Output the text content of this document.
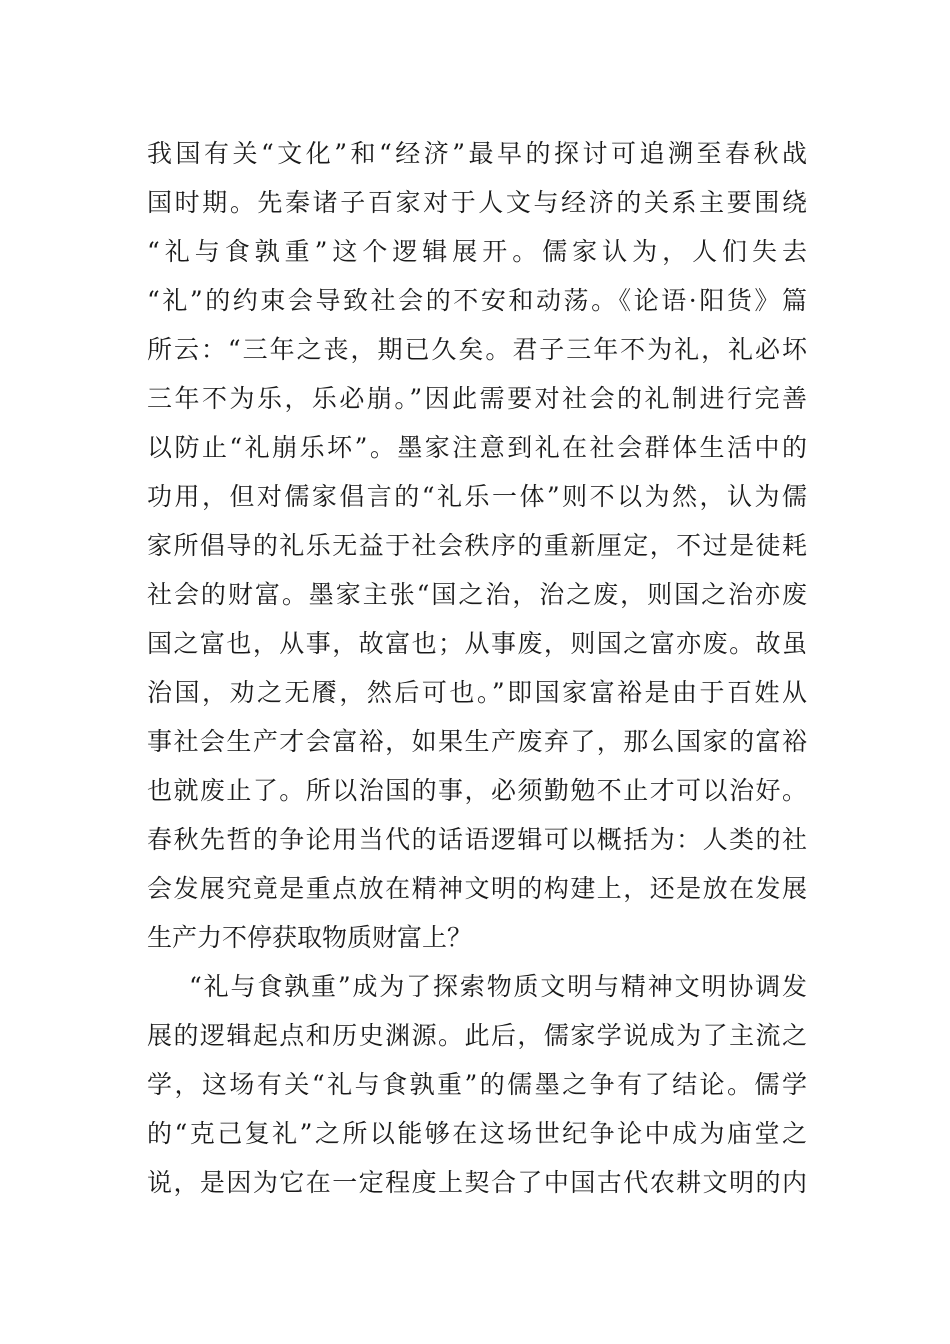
我国有关“文化”和“经济”最早的探讨可追溯至春秋战
国时期。先秦诸子百家对于人文与经济的关系主要围绕
“礼与食孰重”这个逻辑展开。儒家认为，人们失去
“礼”的约束会导致社会的不安和动荡。《论语·阳货》篇
所云：“三年之丧，期已久矣。君子三年不为礼，礼必坏
三年不为乐，乐必崩。”因此需要对社会的礼制进行完善
以防止“礼崩乐坏”。墨家注意到礼在社会群体生活中的
功用，但对儒家倡言的“礼乐一体”则不以为然，认为儒
家所倡导的礼乐无益于社会秩序的重新厘定，不过是徒耗
社会的财富。墨家主张“国之治，治之废，则国之治亦废
国之富也，从事，故富也；从事废，则国之富亦废。故虽
治国，劝之无餍，然后可也。”即国家富裕是由于百姓从
事社会生产才会富裕，如果生产废弃了，那么国家的富裕
也就废止了。所以治国的事，必须勤勉不止才可以治好。
春秋先哲的争论用当代的话语逻辑可以概括为：人类的社
会发展究竟是重点放在精神文明的构建上，还是放在发展
生产力不停获取物质财富上？
“礼与食孰重”成为了探索物质文明与精神文明协调发
展的逻辑起点和历史渊源。此后，儒家学说成为了主流之
学，这场有关“礼与食孰重”的儒墨之争有了结论。儒学
的“克己复礼”之所以能够在这场世纪争论中成为庙堂之
说，是因为它在一定程度上契合了中国古代农耕文明的内
